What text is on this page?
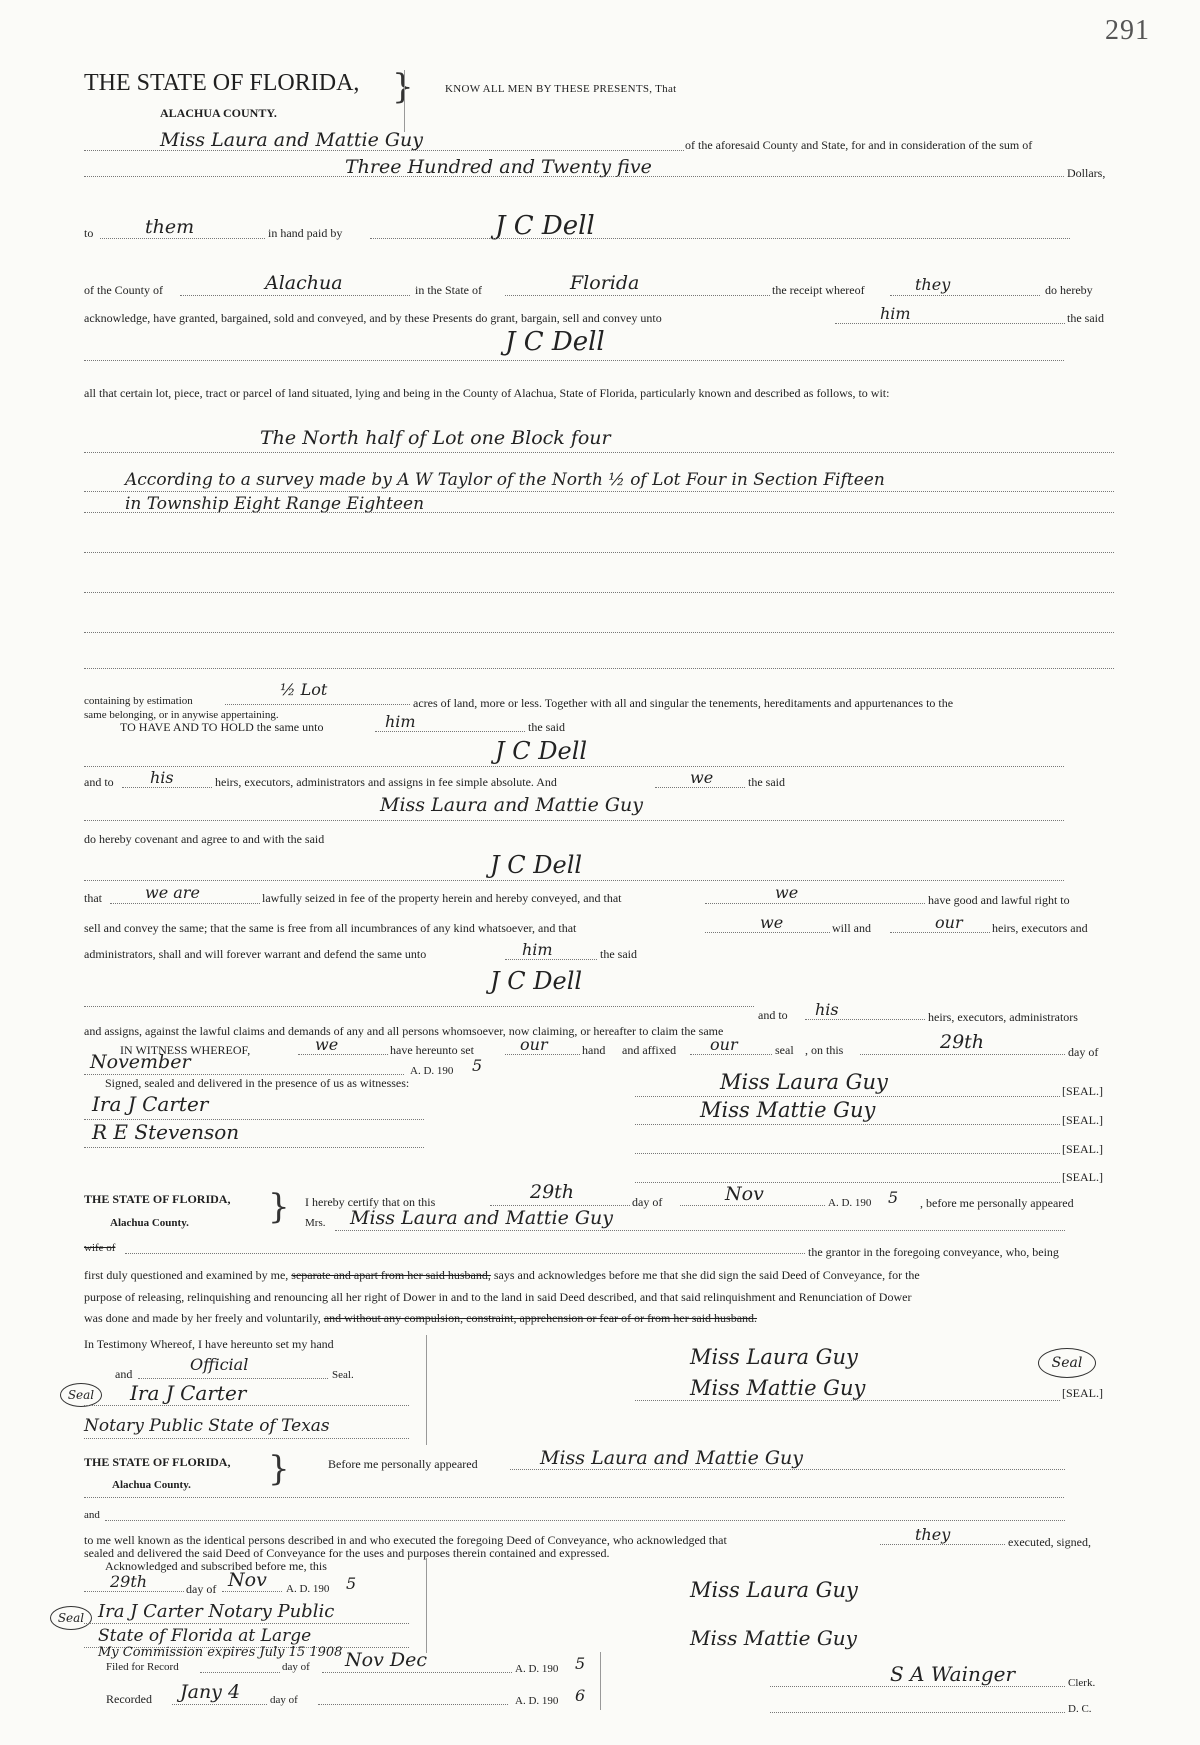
291
THE STATE OF FLORIDA,
ALACHUA COUNTY.
}	KNOW ALL MEN BY THESE PRESENTS, That
Miss Laura and Mattie Guy	of the aforesaid County and State, for and in consideration of the sum of
Three Hundred and Twenty five	Dollars,
to	them	in hand paid by	J C Dell
of the County of	Alachua	in the State of	Florida	the receipt whereof	they	do hereby
acknowledge, have granted, bargained, sold and conveyed, and by these Presents do grant, bargain, sell and convey unto	him	the said
J C Dell
all that certain lot, piece, tract or parcel of land situated, lying and being in the County of Alachua, State of Florida, particularly known and described as follows, to wit:
The North half of Lot one Block four
According to a survey made by A W Taylor of the North ½ of Lot Four in Section Fifteen
in Township Eight Range Eighteen
containing by estimation
½ Lot
acres of land, more or less. Together with all and singular the tenements, hereditaments and appurtenances to the
same belonging, or in anywise appertaining.
TO HAVE AND TO HOLD the same unto	him	the said
J C Dell
and to his	heirs, executors, administrators and assigns in fee simple absolute. And	we	the said
Miss Laura and Mattie Guy
do hereby covenant and agree to and with the said
J C Dell
that	we are	lawfully seized in fee of the property herein and hereby conveyed, and that	we	have good and lawful right to
sell and convey the same; that the same is free from all incumbrances of any kind whatsoever, and that	we	will and	our heirs, executors and
administrators, shall and will forever warrant and defend the same unto	him	the said
J C Dell
and to his	heirs, executors, administrators
and assigns, against the lawful claims and demands of any and all persons whomsoever, now claiming, or hereafter to claim the same
IN WITNESS WHEREOF,	we	have hereunto set	our	hand and affixed our	seal , on this	29th	day of
November	A. D. 190 5
Signed, sealed and delivered in the presence of us as witnesses:	Miss Laura Guy	[SEAL.]
Miss Mattie Guy	[SEAL.]
[SEAL.]
[SEAL.]
Ira J Carter
R E Stevenson
THE STATE OF FLORIDA,
Alachua County. } I hereby certify that on this	29th	day of	Nov	A. D. 190 5 , before me personally appeared
Mrs. Miss Laura and Mattie Guy
wife of	the grantor in the foregoing conveyance, who, being
first duly questioned and examined by me, separate and apart from her said husband, says and acknowledges before me that she did sign the said Deed of Conveyance, for the
purpose of releasing, relinquishing and renouncing all her right of Dower in and to the land in said Deed described, and that said relinquishment and Renunciation of Dower
was done and made by her freely and voluntarily, and without any compulsion, constraint, apprehension or fear of or from her said husband.
In Testimony Whereof, I have hereunto set my hand
and	Official
Seal.
Seal	Ira J Carter
Notary Public State of Texas
Miss Laura Guy
Miss Mattie Guy	[SEAL.]
Seal
THE STATE OF FLORIDA,
Alachua County. }	Before me personally appeared	Miss Laura and Mattie Guy
and
to me well known as the identical persons described in and who executed the foregoing Deed of Conveyance, who acknowledged that	they	executed, signed,
sealed and delivered the said Deed of Conveyance for the uses and purposes therein contained and expressed.
Acknowledged and subscribed before me, this
29th	day of Nov A. D. 190 5
Seal Ira J Carter Notary Public
State of Florida at Large
My Commission expires July 15 1908
Miss Laura Guy
Miss Mattie Guy
Filed for Record	day of Nov Dec	A. D. 190 5
Recorded Jany 4	day of	A. D. 190 6
S A Wainger	Clerk.
D. C.
